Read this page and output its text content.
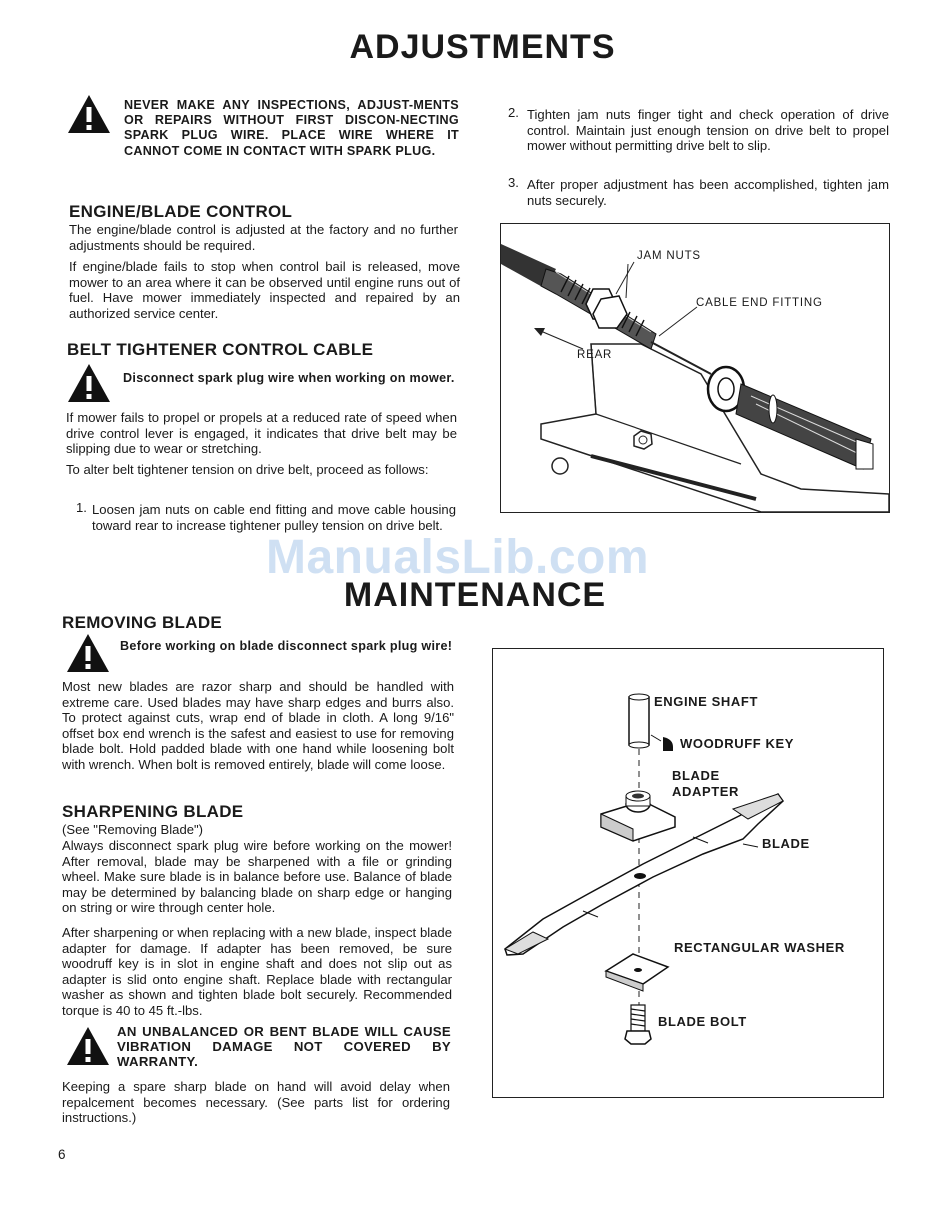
ADJUSTMENTS

NEVER MAKE ANY INSPECTIONS, ADJUST-MENTS OR REPAIRS WITHOUT FIRST DISCON-NECTING SPARK PLUG WIRE. PLACE WIRE WHERE IT CANNOT COME IN CONTACT WITH SPARK PLUG.

ENGINE/BLADE CONTROL

The engine/blade control is adjusted at the factory and no further adjustments should be required.

If engine/blade fails to stop when control bail is released, move mower to an area where it can be observed until engine runs out of fuel. Have mower immediately inspected and repaired by an authorized service center.

BELT TIGHTENER CONTROL CABLE

Disconnect spark plug wire when working on mower.

If mower fails to propel or propels at a reduced rate of speed when drive control lever is engaged, it indicates that drive belt may be slipping due to wear or stretching.

To alter belt tightener tension on drive belt, proceed as follows:

1. Loosen jam nuts on cable end fitting and move cable housing toward rear to increase tightener pulley tension on drive belt.

2. Tighten jam nuts finger tight and check operation of drive control. Maintain just enough tension on drive belt to propel mower without permitting drive belt to slip.

3. After proper adjustment has been accomplished, tighten jam nuts securely.

JAM NUTS
CABLE END FITTING
REAR
ManualsLib.com
MAINTENANCE
REMOVING BLADE

Before working on blade disconnect spark plug wire!

Most new blades are razor sharp and should be handled with extreme care. Used blades may have sharp edges and burrs also. To protect against cuts, wrap end of blade in cloth. A long 9/16" offset box end wrench is the safest and easiest to use for removing blade bolt. Hold padded blade with one hand while loosening bolt with wrench. When bolt is removed entirely, blade will come loose.

SHARPENING BLADE

(See "Removing Blade")

Always disconnect spark plug wire before working on the mower! After removal, blade may be sharpened with a file or grinding wheel. Make sure blade is in balance before use. Balance of blade may be determined by balancing blade on sharp edge or hanging on string or wire through center hole.

After sharpening or when replacing with a new blade, inspect blade adapter for damage. If adapter has been removed, be sure woodruff key is in slot in engine shaft and does not slip out as adapter is slid onto engine shaft. Replace blade with rectangular washer as shown and tighten blade bolt securely. Recommended torque is 40 to 45 ft.-lbs.

AN UNBALANCED OR BENT BLADE WILL CAUSE VIBRATION DAMAGE NOT COVERED BY WARRANTY.

Keeping a spare sharp blade on hand will avoid delay when repalcement becomes necessary. (See parts list for ordering instructions.)

ENGINE SHAFT
WOODRUFF KEY
BLADE
ADAPTER
BLADE
RECTANGULAR WASHER
BLADE BOLT
6
